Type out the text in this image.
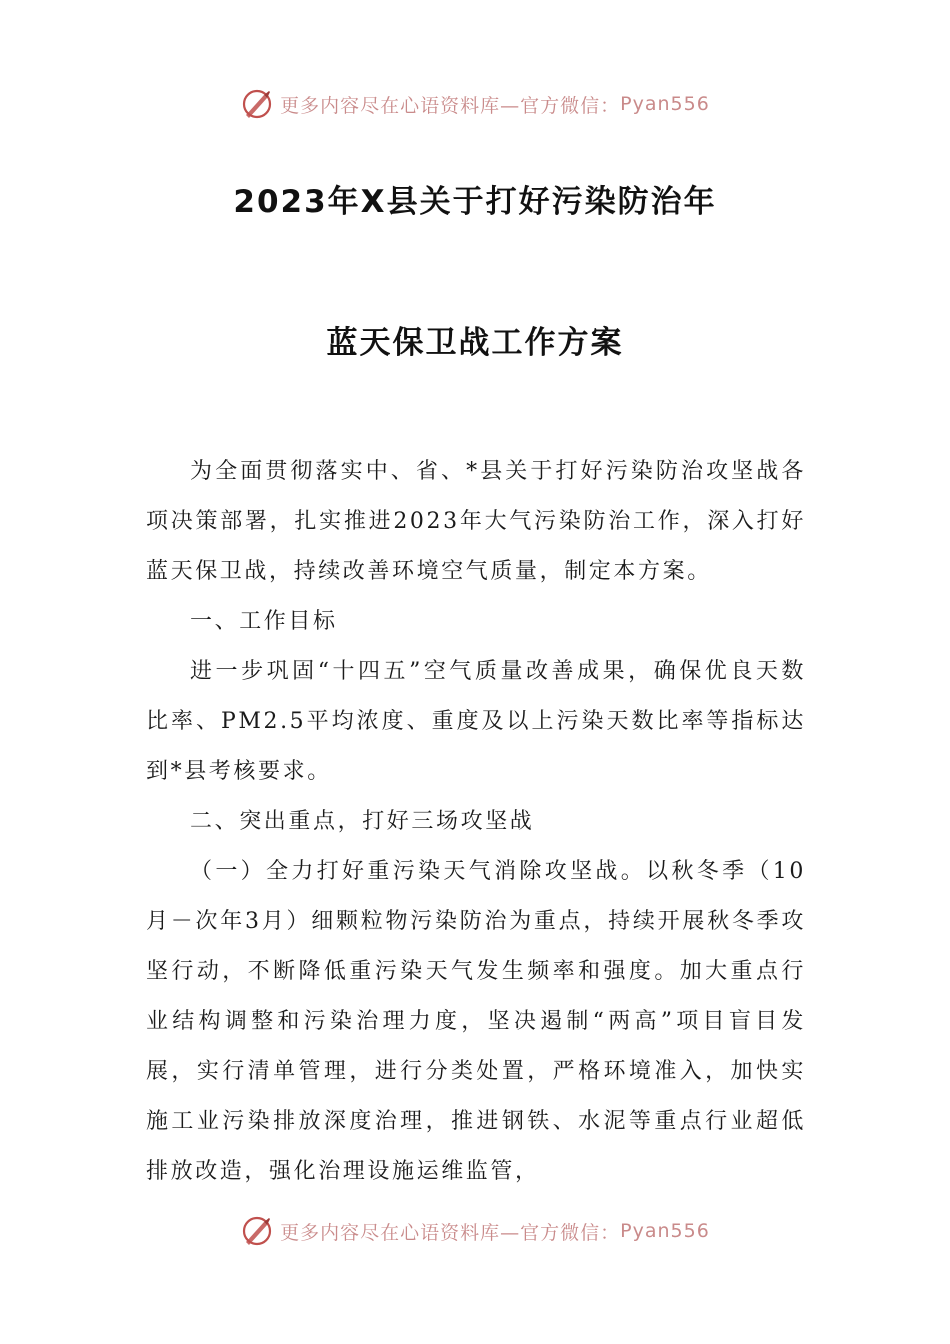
更多内容尽在心语资料库—官方微信： Pyan556
2023年X县关于打好污染防治年
蓝天保卫战工作方案

为全面贯彻落实中、省、*县关于打好污染防治攻坚战各项决策部署，扎实推进2023年大气污染防治工作，深入打好蓝天保卫战，持续改善环境空气质量，制定本方案。

一、工作目标

进一步巩固“十四五”空气质量改善成果，确保优良天数比率、PM2.5平均浓度、重度及以上污染天数比率等指标达到*县考核要求。

二、突出重点，打好三场攻坚战

（一）全力打好重污染天气消除攻坚战。以秋冬季（10月－次年3月）细颗粒物污染防治为重点，持续开展秋冬季攻坚行动，不断降低重污染天气发生频率和强度。加大重点行业结构调整和污染治理力度，坚决遏制“两高”项目盲目发展，实行清单管理，进行分类处置，严格环境准入，加快实施工业污染排放深度治理，推进钢铁、水泥等重点行业超低排放改造，强化治理设施运维监管，

更多内容尽在心语资料库—官方微信： Pyan556
